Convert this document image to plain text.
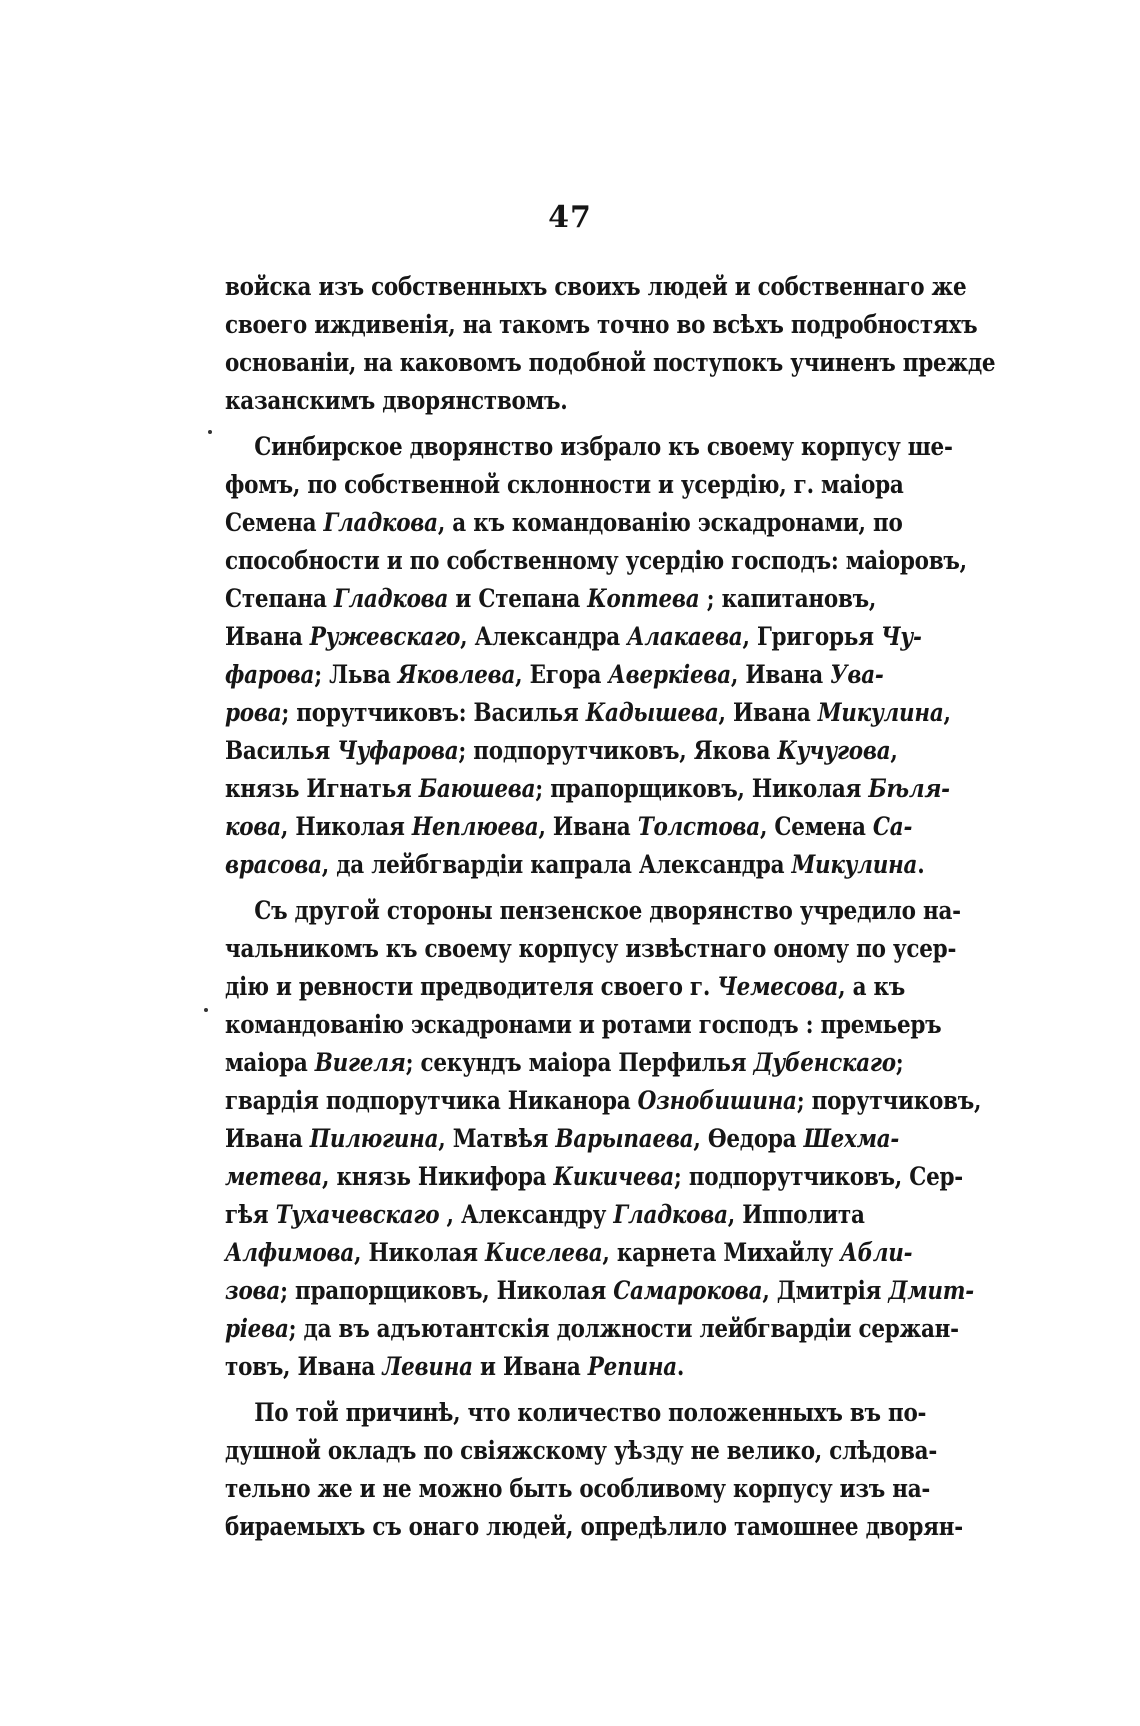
47
войска изъ собственныхъ своихъ людей и собственнаго же
своего иждивенія, на такомъ точно во всѣхъ подробностяхъ
основаніи, на каковомъ подобной поступокъ учиненъ прежде
казанскимъ дворянствомъ.
Синбирское дворянство избрало къ своему корпусу ше-
фомъ, по собственной склонности и усердію, г. маіора
Семена Гладкова, а къ командованію эскадронами, по
способности и по собственному усердію господъ: маіоровъ,
Степана Гладкова и Степана Коптева ; капитановъ,
Ивана Ружевскаго, Александра Алакаева, Григорья Чу-
фарова; Льва Яковлева, Егора Аверкіева, Ивана Ува-
рова; порутчиковъ: Василья Кадышева, Ивана Микулина,
Василья Чуфарова; подпорутчиковъ, Якова Кучугова,
князь Игнатья Баюшева; прапорщиковъ, Николая Бѣля-
кова, Николая Неплюева, Ивана Толстова, Семена Са-
врасова, да лейбгвардіи капрала Александра Микулина.
Съ другой стороны пензенское дворянство учредило на-
чальникомъ къ своему корпусу извѣстнаго оному по усер-
дію и ревности предводителя своего г. Чемесова, а къ
командованію эскадронами и ротами господъ : премьеръ
маіора Вигеля; секундъ маіора Перфилья Дубенскаго;
гвардія подпорутчика Никанора Ознобишина; порутчиковъ,
Ивана Пилюгина, Матвѣя Варыпаева, Ѳедора Шехма-
метева, князь Никифора Кикичева; подпорутчиковъ, Сер-
гѣя Тухачевскаго , Александру Гладкова, Ипполита
Алфимова, Николая Киселева, карнета Михайлу Абли-
зова; прапорщиковъ, Николая Самарокова, Дмитрія Дмит-
ріева; да въ адъютантскія должности лейбгвардіи сержан-
товъ, Ивана Левина и Ивана Репина.
По той причинѣ, что количество положенныхъ въ по-
душной окладъ по свіяжскому уѣзду не велико, слѣдова-
тельно же и не можно быть особливому корпусу изъ на-
бираемыхъ съ онаго людей, опредѣлило тамошнее дворян-
